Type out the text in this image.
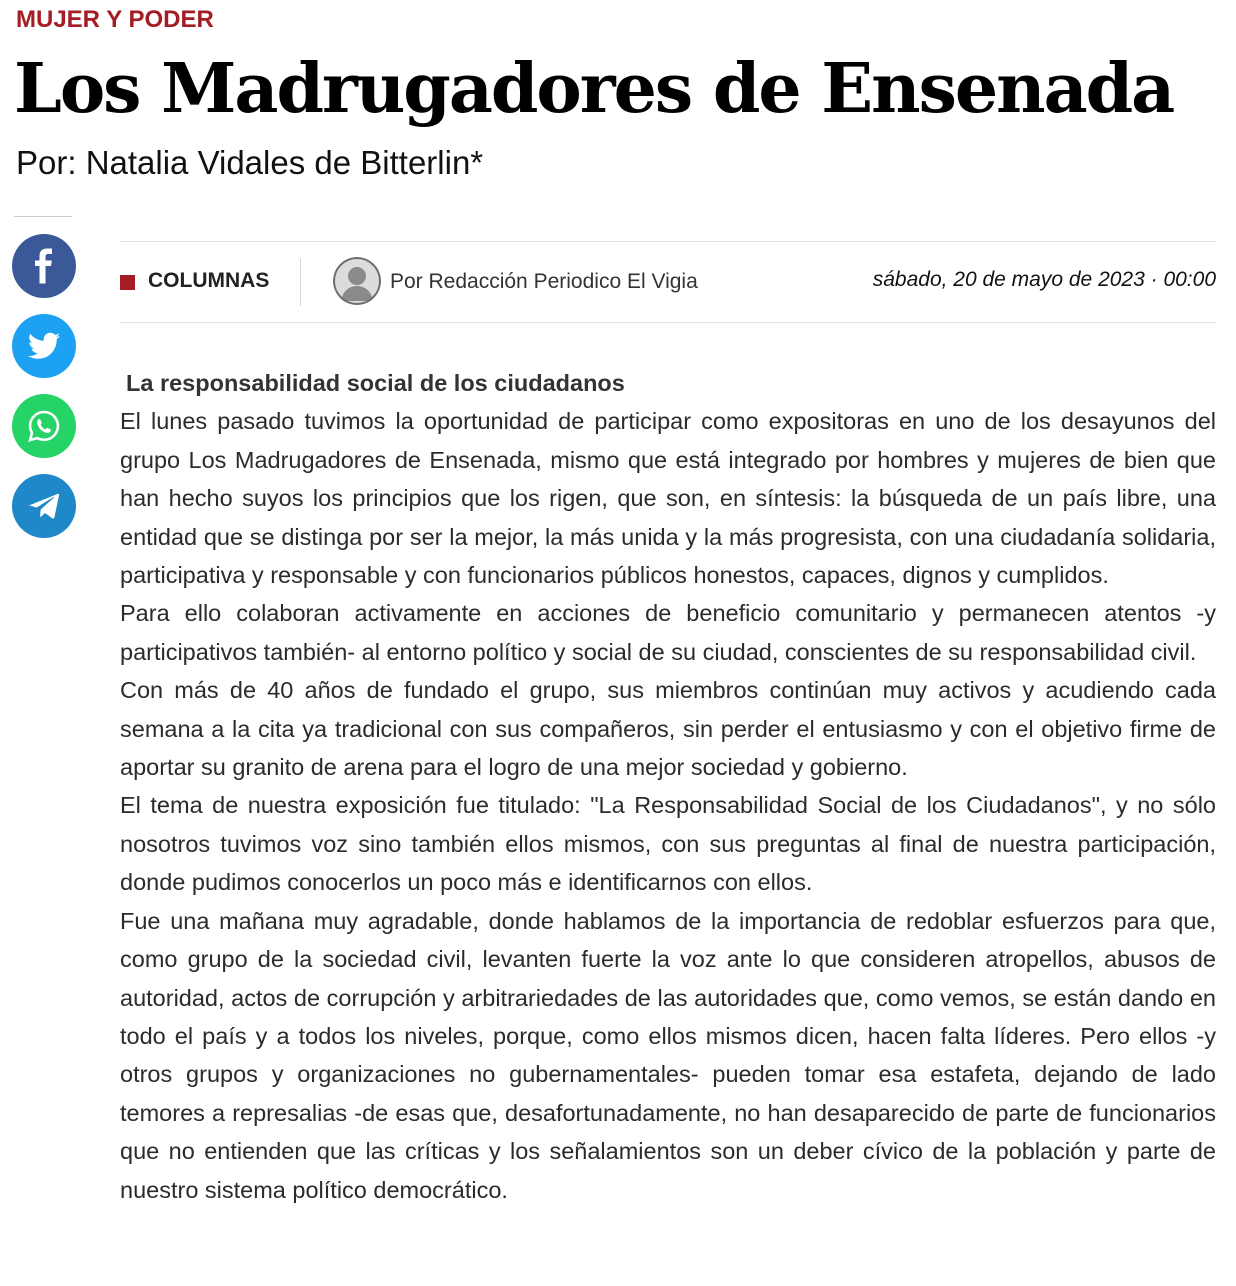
MUJER Y PODER
Los Madrugadores de Ensenada
Por: Natalia Vidales de Bitterlin*
COLUMNAS	Por Redacción Periodico El Vigia	sábado, 20 de mayo de 2023 · 00:00

La responsabilidad social de los ciudadanos

El lunes pasado tuvimos la oportunidad de participar como expositoras en uno de los desayunos del grupo Los Madrugadores de Ensenada, mismo que está integrado por hombres y mujeres de bien que han hecho suyos los principios que los rigen, que son, en síntesis: la búsqueda de un país libre, una entidad que se distinga por ser la mejor, la más unida y la más progresista, con una ciudadanía solidaria, participativa y responsable y con funcionarios públicos honestos, capaces, dignos y cumplidos.

Para ello colaboran activamente en acciones de beneficio comunitario y permanecen atentos -y participativos también- al entorno político y social de su ciudad, conscientes de su responsabilidad civil.

Con más de 40 años de fundado el grupo, sus miembros continúan muy activos y acudiendo cada semana a la cita ya tradicional con sus compañeros, sin perder el entusiasmo y con el objetivo firme de aportar su granito de arena para el logro de una mejor sociedad y gobierno.

El tema de nuestra exposición fue titulado: "La Responsabilidad Social de los Ciudadanos", y no sólo nosotros tuvimos voz sino también ellos mismos, con sus preguntas al final de nuestra participación, donde pudimos conocerlos un poco más e identificarnos con ellos.

Fue una mañana muy agradable, donde hablamos de la importancia de redoblar esfuerzos para que, como grupo de la sociedad civil, levanten fuerte la voz ante lo que consideren atropellos, abusos de autoridad, actos de corrupción y arbitrariedades de las autoridades que, como vemos, se están dando en todo el país y a todos los niveles, porque, como ellos mismos dicen, hacen falta líderes. Pero ellos -y otros grupos y organizaciones no gubernamentales- pueden tomar esa estafeta, dejando de lado temores a represalias -de esas que, desafortunadamente, no han desaparecido de parte de funcionarios que no entienden que las críticas y los señalamientos son un deber cívico de la población y parte de nuestro sistema político democrático.
